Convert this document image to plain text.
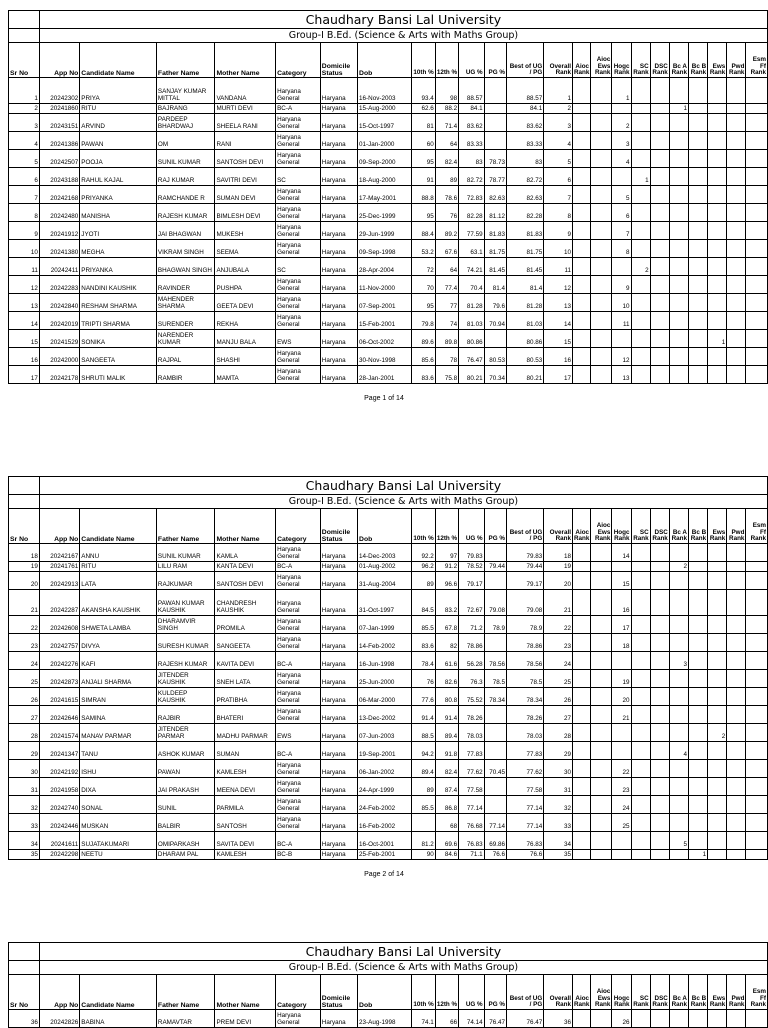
	Chaudhary Bansi Lal University																						
	Group-I B.Ed. (Science & Arts with Maths Group)																						
Sr No	App No	Candidate Name	Father Name	Mother Name	Category	Domicile Status	Dob	10th %	12th %	UG %	PG %	Best of UG / PG	Overall Rank	Aioc Rank	Aioc Ews Rank	Hogc Rank	SC Rank	DSC Rank	Bc A Rank	Bc B Rank	Ews Rank	Pwd Rank	Esm Ff Rank
1	20242302	PRIYA	SANJAY KUMAR MITTAL	VANDANA	Haryana General	Haryana	16-Nov-2003	93.4	98	88.57		88.57	1			1							
2	20241860	RITU	BAJRANG	MURTI DEVI	BC-A	Haryana	15-Aug-2000	62.6	88.2	84.1		84.1	2						1				
3	20243151	ARVIND	PARDEEP BHARDWAJ	SHEELA RANI	Haryana General	Haryana	15-Oct-1997	81	71.4	83.62		83.62	3			2							
4	20241386	PAWAN	OM	RANI	Haryana General	Haryana	01-Jan-2000	60	64	83.33		83.33	4			3							
5	20242507	POOJA	SUNIL KUMAR	SANTOSH DEVI	Haryana General	Haryana	09-Sep-2000	95	82.4	83	78.73	83	5			4							
6	20243188	RAHUL KAJAL	RAJ KUMAR	SAVITRI DEVI	SC	Haryana	18-Aug-2000	91	89	82.72	78.77	82.72	6				1						
7	20242168	PRIYANKA	RAMCHANDE R	SUMAN DEVI	Haryana General	Haryana	17-May-2001	88.8	78.6	72.83	82.63	82.63	7			5							
8	20242480	MANISHA	RAJESH KUMAR	BIMLESH DEVI	Haryana General	Haryana	25-Dec-1999	95	76	82.28	81.12	82.28	8			6							
9	20241912	JYOTI	JAI BHAGWAN	MUKESH	Haryana General	Haryana	29-Jun-1999	88.4	89.2	77.59	81.83	81.83	9			7							
10	20241380	MEGHA	VIKRAM SINGH	SEEMA	Haryana General	Haryana	09-Sep-1998	53.2	67.6	63.1	81.75	81.75	10			8							
11	20242411	PRIYANKA	BHAGWAN SINGH	ANJUBALA	SC	Haryana	28-Apr-2004	72	64	74.21	81.45	81.45	11				2						
12	20242283	NANDINI KAUSHIK	RAVINDER	PUSHPA	Haryana General	Haryana	11-Nov-2000	70	77.4	70.4	81.4	81.4	12			9							
13	20242840	RESHAM SHARMA	MAHENDER SHARMA	GEETA DEVI	Haryana General	Haryana	07-Sep-2001	95	77	81.28	79.6	81.28	13			10							
14	20242019	TRIPTI SHARMA	SURENDER	REKHA	Haryana General	Haryana	15-Feb-2001	79.8	74	81.03	70.94	81.03	14			11							
15	20241529	SONIKA	NARENDER KUMAR	MANJU BALA	EWS	Haryana	06-Oct-2002	89.6	89.8	80.86		80.86	15								1		
16	20242000	SANGEETA	RAJPAL	SHASHI	Haryana General	Haryana	30-Nov-1998	85.6	78	76.47	80.53	80.53	16			12							
17	20242178	SHRUTI MALIK	RAMBIR	MAMTA	Haryana General	Haryana	28-Jan-2001	83.6	75.8	80.21	70.34	80.21	17			13							
Page 1 of 14
	Chaudhary Bansi Lal University																						
	Group-I B.Ed. (Science & Arts with Maths Group)																						
Sr No	App No	Candidate Name	Father Name	Mother Name	Category	Domicile Status	Dob	10th %	12th %	UG %	PG %	Best of UG / PG	Overall Rank	Aioc Rank	Aioc Ews Rank	Hogc Rank	SC Rank	DSC Rank	Bc A Rank	Bc B Rank	Ews Rank	Pwd Rank	Esm Ff Rank
18	20242167	ANNU	SUNIL KUMAR	KAMLA	Haryana General	Haryana	14-Dec-2003	92.2	97	79.83		79.83	18			14							
19	20241761	RITU	LILU RAM	KANTA DEVI	BC-A	Haryana	01-Aug-2002	96.2	91.2	78.52	79.44	79.44	19						2				
20	20242913	LATA	RAJKUMAR	SANTOSH DEVI	Haryana General	Haryana	31-Aug-2004	89	96.6	79.17		79.17	20			15							
21	20242287	AKANSHA KAUSHIK	PAWAN KUMAR KAUSHIK	CHANDRESH KAUSHIK	Haryana General	Haryana	31-Oct-1997	84.5	83.2	72.67	79.08	79.08	21			16							
22	20242608	SHWETA LAMBA	DHARAMVIR SINGH	PROMILA	Haryana General	Haryana	07-Jan-1999	85.5	67.8	71.2	78.9	78.9	22			17							
23	20242757	DIVYA	SURESH KUMAR	SANGEETA	Haryana General	Haryana	14-Feb-2002	83.6	82	78.86		78.86	23			18							
24	20242276	KAFI	RAJESH KUMAR	KAVITA DEVI	BC-A	Haryana	16-Jun-1998	78.4	61.6	56.28	78.56	78.56	24						3				
25	20242873	ANJALI SHARMA	JITENDER KAUSHIK	SNEH LATA	Haryana General	Haryana	25-Jun-2000	76	82.6	76.3	78.5	78.5	25			19							
26	20241615	SIMRAN	KULDEEP KAUSHIK	PRATIBHA	Haryana General	Haryana	06-Mar-2000	77.6	80.8	75.52	78.34	78.34	26			20							
27	20242646	SAMINA	RAJBIR	BHATERI	Haryana General	Haryana	13-Dec-2002	91.4	91.4	78.26		78.26	27			21							
28	20241574	MANAV PARMAR	JITENDER PARMAR	MADHU PARMAR	EWS	Haryana	07-Jun-2003	88.5	89.4	78.03		78.03	28								2		
29	20241347	TANU	ASHOK KUMAR	SUMAN	BC-A	Haryana	19-Sep-2001	94.2	91.8	77.83		77.83	29						4				
30	20242192	ISHU	PAWAN	KAMLESH	Haryana General	Haryana	06-Jan-2002	89.4	82.4	77.62	70.45	77.62	30			22							
31	20241958	DIXA	JAI PRAKASH	MEENA DEVI	Haryana General	Haryana	24-Apr-1999	89	87.4	77.58		77.58	31			23							
32	20242740	SONAL	SUNIL	PARMILA	Haryana General	Haryana	24-Feb-2002	85.5	86.8	77.14		77.14	32			24							
33	20242446	MUSKAN	BALBIR	SANTOSH	Haryana General	Haryana	16-Feb-2002		68	76.68	77.14	77.14	33			25							
34	20241611	SUJATAKUMARI	OMIPARKASH	SAVITA DEVI	BC-A	Haryana	16-Oct-2001	81.2	69.6	76.83	69.86	76.83	34						5				
35	20242298	NEETU	DHARAM PAL	KAMLESH	BC-B	Haryana	25-Feb-2001	90	84.6	71.1	76.6	76.6	35							1			
Page 2 of 14
	Chaudhary Bansi Lal University																						
	Group-I B.Ed. (Science & Arts with Maths Group)																						
Sr No	App No	Candidate Name	Father Name	Mother Name	Category	Domicile Status	Dob	10th %	12th %	UG %	PG %	Best of UG / PG	Overall Rank	Aioc Rank	Aioc Ews Rank	Hogc Rank	SC Rank	DSC Rank	Bc A Rank	Bc B Rank	Ews Rank	Pwd Rank	Esm Ff Rank
36	20242826	BABINA	RAMAVTAR	PREM DEVI	Haryana General	Haryana	23-Aug-1998	74.1	66	74.14	76.47	76.47	36			26							
